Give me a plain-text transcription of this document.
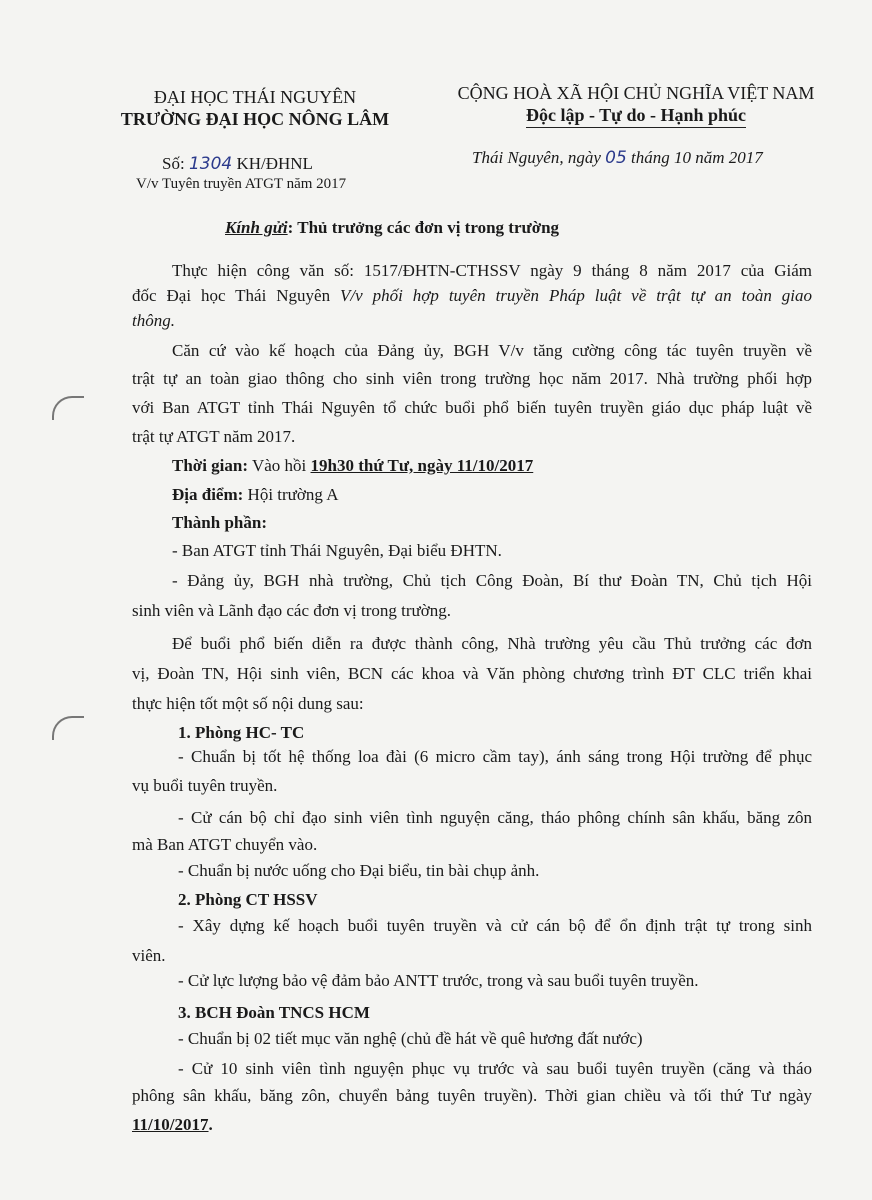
ĐẠI HỌC THÁI NGUYÊN
TRƯỜNG ĐẠI HỌC NÔNG LÂM
CỘNG HOÀ XÃ HỘI CHỦ NGHĨA VIỆT NAM
Độc lập - Tự do - Hạnh phúc
Số: 1304 KH/ĐHNL	Thái Nguyên, ngày 05 tháng 10 năm 2017
V/v Tuyên truyền ATGT năm 2017
Kính gửi: Thủ trưởng các đơn vị trong trường
Thực hiện công văn số: 1517/ĐHTN-CTHSSV ngày 9 tháng 8 năm 2017 của Giám
đốc Đại học Thái Nguyên V/v phối hợp tuyên truyền Pháp luật về trật tự an toàn giao
thông.
Căn cứ vào kế hoạch của Đảng ủy, BGH V/v tăng cường công tác tuyên truyền về
trật tự an toàn giao thông cho sinh viên trong trường học năm 2017. Nhà trường phối hợp
với Ban ATGT tỉnh Thái Nguyên tổ chức buổi phổ biến tuyên truyền giáo dục pháp luật về
trật tự ATGT năm 2017.
Thời gian: Vào hồi 19h30 thứ Tư, ngày 11/10/2017
Địa điểm: Hội trường A
Thành phần:
- Ban ATGT tỉnh Thái Nguyên, Đại biểu ĐHTN.
- Đảng ủy, BGH nhà trường, Chủ tịch Công Đoàn, Bí thư Đoàn TN, Chủ tịch Hội
sinh viên và Lãnh đạo các đơn vị trong trường.
Để buổi phổ biến diễn ra được thành công, Nhà trường yêu cầu Thủ trưởng các đơn
vị, Đoàn TN, Hội sinh viên, BCN các khoa và Văn phòng chương trình ĐT CLC triển khai
thực hiện tốt một số nội dung sau:
1. Phòng HC- TC
- Chuẩn bị tốt hệ thống loa đài (6 micro cầm tay), ánh sáng trong Hội trường để phục
vụ buổi tuyên truyền.
- Cử cán bộ chỉ đạo sinh viên tình nguyện căng, tháo phông chính sân khấu, băng zôn
mà Ban ATGT chuyển vào.
- Chuẩn bị nước uống cho Đại biểu, tin bài chụp ảnh.
2. Phòng CT HSSV
- Xây dựng kế hoạch buổi tuyên truyền và cử cán bộ để ổn định trật tự trong sinh
viên.
- Cử lực lượng bảo vệ đảm bảo ANTT trước, trong và sau buổi tuyên truyền.
3. BCH Đoàn TNCS HCM
- Chuẩn bị 02 tiết mục văn nghệ (chủ đề hát về quê hương đất nước)
- Cử 10 sinh viên tình nguyện phục vụ trước và sau buổi tuyên truyền (căng và tháo
phông sân khấu, băng zôn, chuyển bảng tuyên truyền). Thời gian chiều và tối thứ Tư ngày
11/10/2017.
